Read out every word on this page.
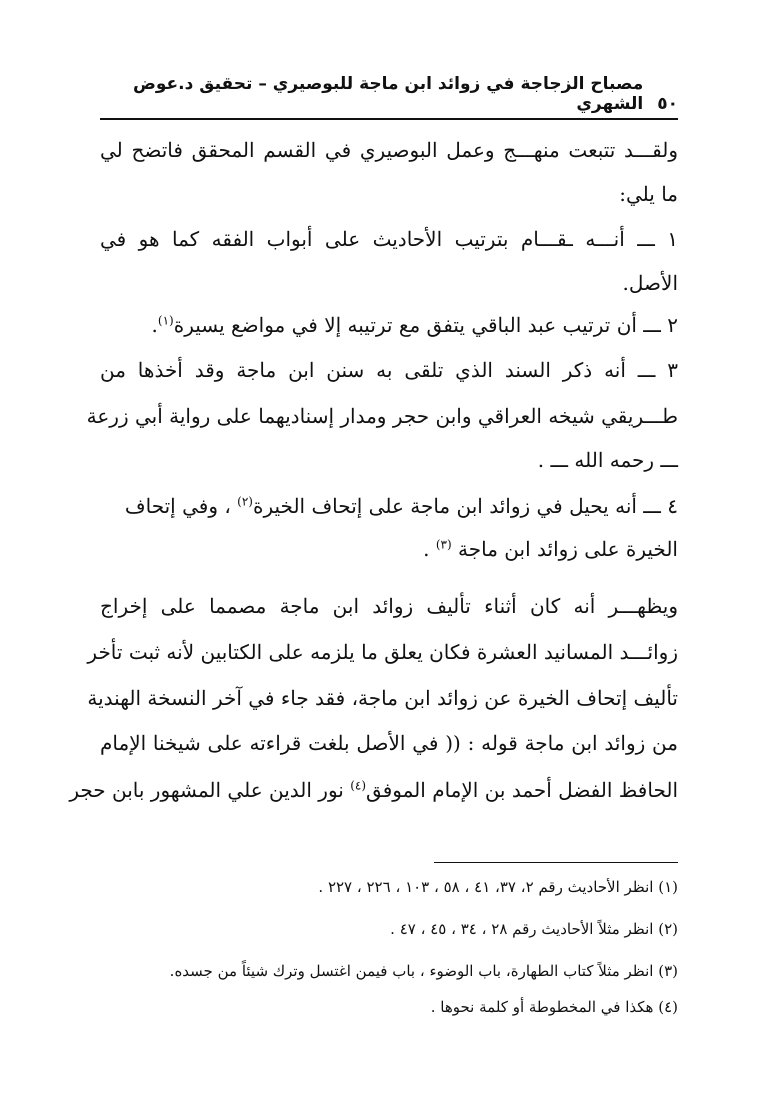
٥٠
مصباح الزجاجة في زوائد ابن ماجة للبوصيري – تحقيق د.عوض الشهري
ولقـــد تتبعت منهـــج وعمل البوصيري في القسم المحقق فاتضح لي
ما يلي:
١ ـــ أنـــه ـقـــام بترتيب الأحاديث على أبواب الفقه كما هو في
الأصل.
٢ ـــ أن ترتيب عبد الباقي يتفق مع ترتيبه إلا في مواضع يسيرة$^{(١)}$.
٣ ـــ أنه ذكر السند الذي تلقى به سنن ابن ماجة وقد أخذها من
طـــريقي شيخه العراقي وابن حجر ومدار إسناديهما على رواية أبي زرعة
ـــ رحمه الله ـــ .
٤ ـــ أنه يحيل في زوائد ابن ماجة على إتحاف الخيرة$^{(٢)}$ ، وفي إتحاف
الخيرة على زوائد ابن ماجة $^{(٣)}$ .
ويظهـــر أنه كان أثناء تأليف زوائد ابن ماجة مصمما على إخراج
زوائـــد المسانيد العشرة فكان يعلق ما يلزمه على الكتابين لأنه ثبت تأخر
تأليف إتحاف الخيرة عن زوائد ابن ماجة، فقد جاء في آخر النسخة الهندية
من زوائد ابن ماجة قوله : (( في الأصل بلغت قراءته على شيخنا الإمام
الحافظ الفضل أحمد بن الإمام الموفق$^{(٤)}$ نور الدين علي المشهور بابن حجر
(١) انظر الأحاديث رقم ٢، ٣٧، ٤١ ، ٥٨ ، ١٠٣ ، ٢٢٦ ، ٢٢٧ .
(٢) انظر مثلاً الأحاديث رقم ٢٨ ، ٣٤ ، ٤٥ ، ٤٧ .
(٣) انظر مثلاً كتاب الطهارة، باب الوضوء ، باب فيمن اغتسل وترك شيئاً من جسده.
(٤) هكذا في المخطوطة أو كلمة نحوها .
